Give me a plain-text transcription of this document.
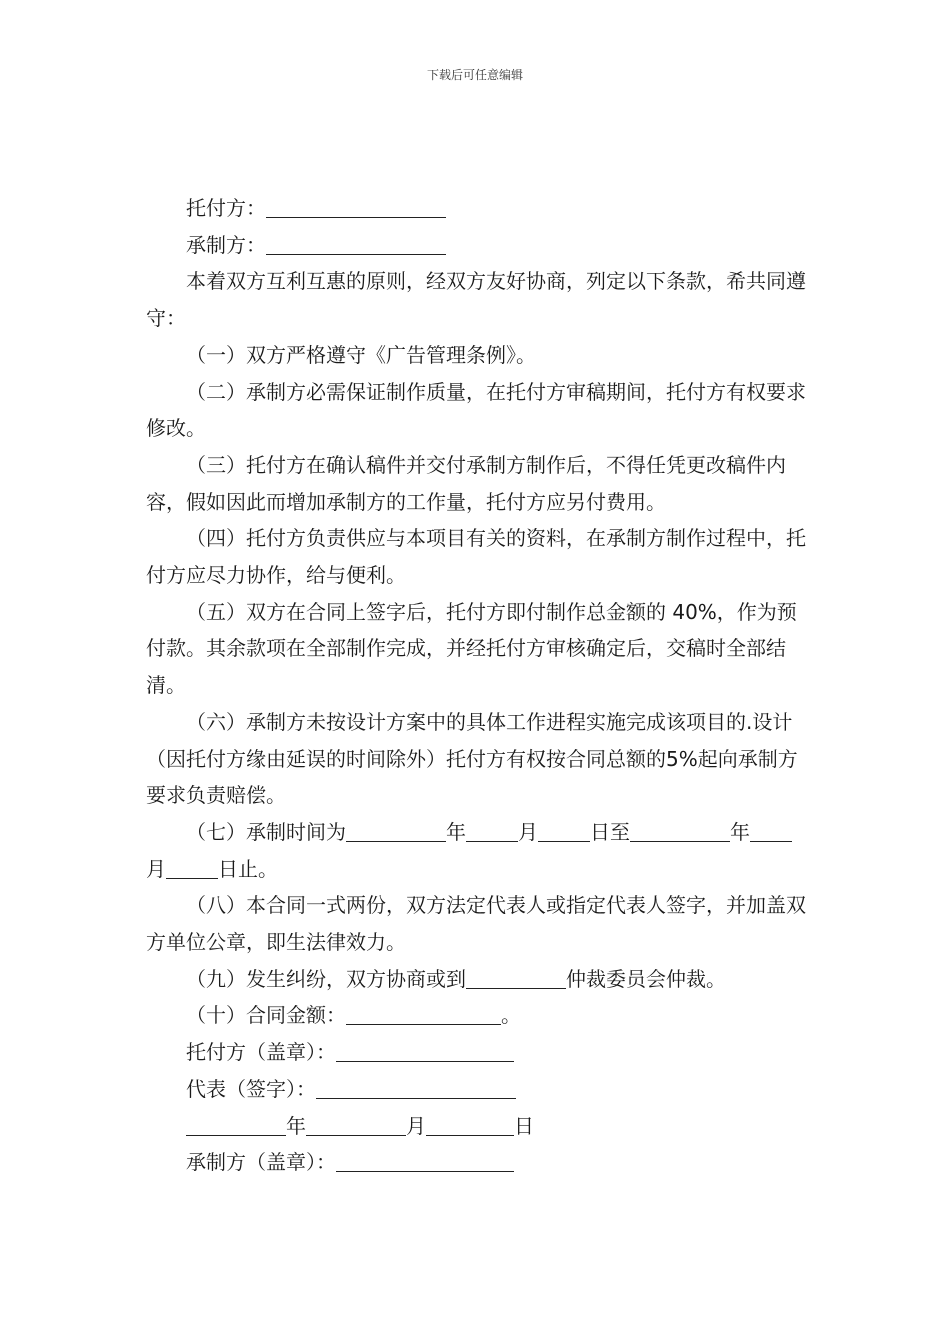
下载后可任意编辑

托付方：

承制方：

本着双方互利互惠的原则，经双方友好协商，列定以下条款，希共同遵守：

（一）双方严格遵守《广告管理条例》。

（二）承制方必需保证制作质量，在托付方审稿期间，托付方有权要求修改。

（三）托付方在确认稿件并交付承制方制作后，不得任凭更改稿件内容，假如因此而增加承制方的工作量，托付方应另付费用。

（四）托付方负责供应与本项目有关的资料，在承制方制作过程中，托付方应尽力协作，给与便利。

（五）双方在合同上签字后，托付方即付制作总金额的 40%，作为预付款。其余款项在全部制作完成，并经托付方审核确定后，交稿时全部结清。

（六）承制方未按设计方案中的具体工作进程实施完成该项目的.设计（因托付方缘由延误的时间除外）托付方有权按合同总额的5%起向承制方要求负责赔偿。

（七）承制时间为	年	月	日至	年月	日止。

（八）本合同一式两份，双方法定代表人或指定代表人签字，并加盖双方单位公章，即生法律效力。

（九）发生纠纷，双方协商或到	仲裁委员会仲裁。

（十）合同金额：	。

托付方（盖章）：

代表（签字）：

年	月	日

承制方（盖章）：
